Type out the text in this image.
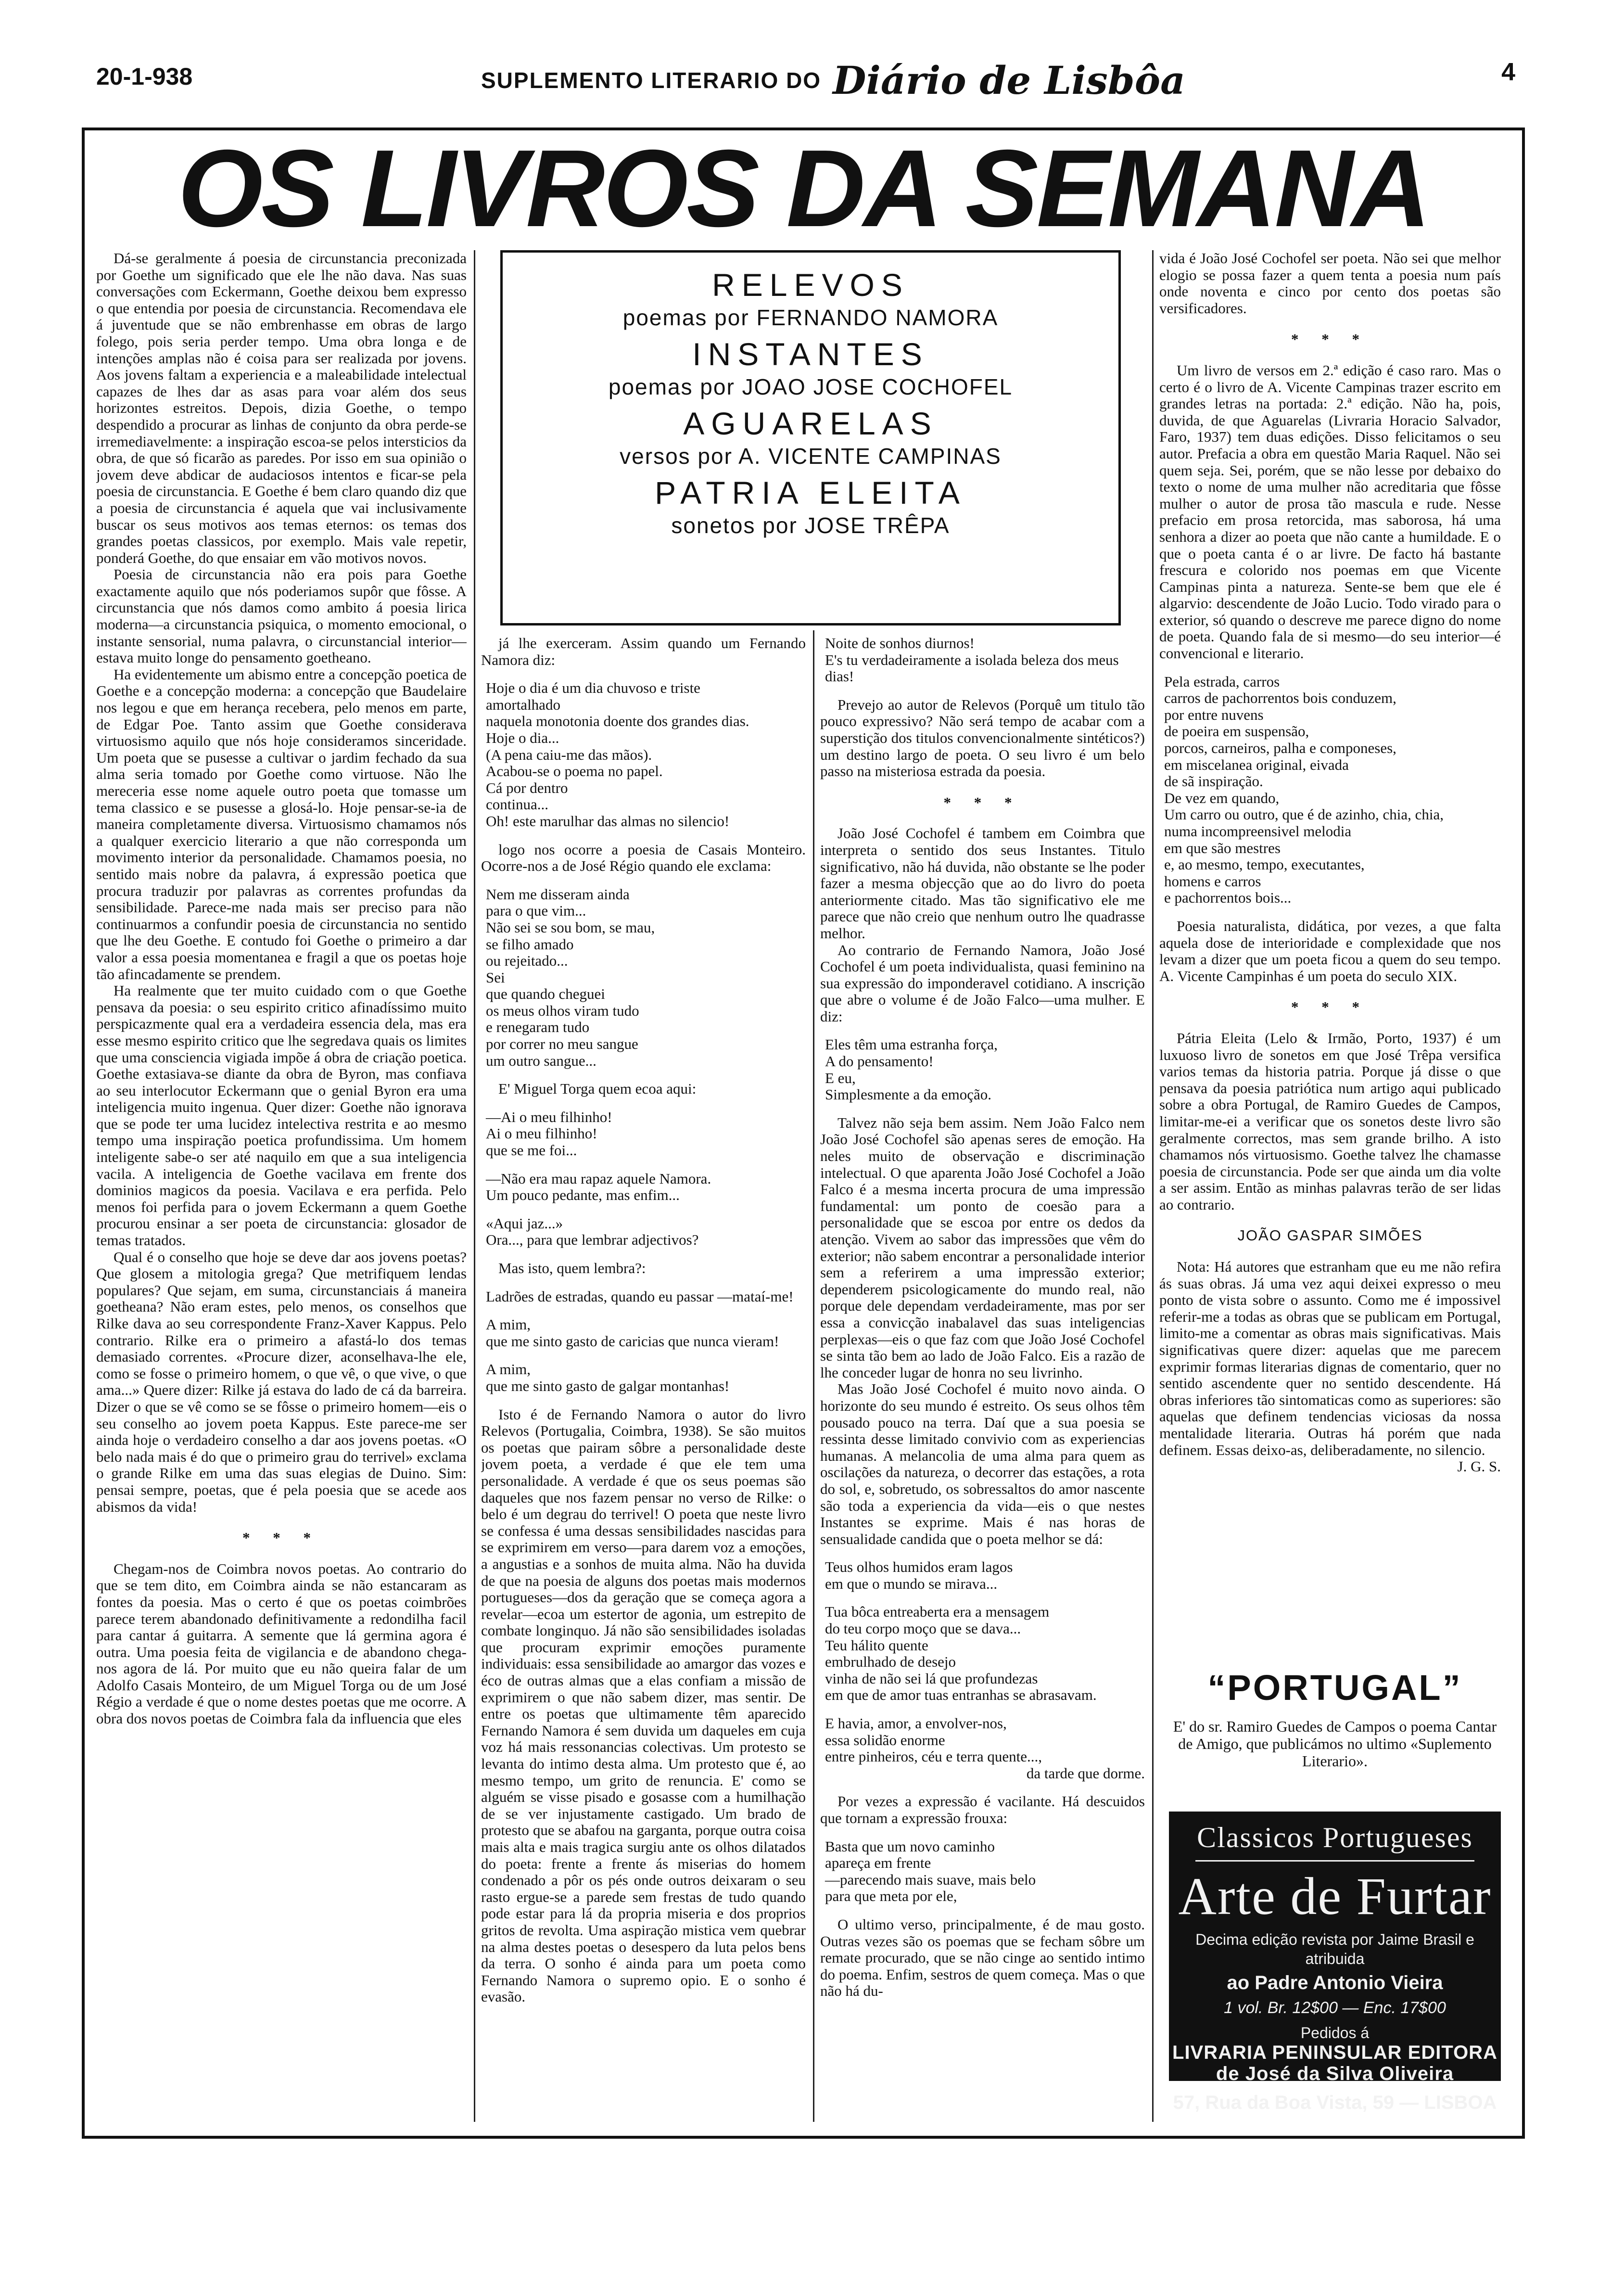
20-1-938	SUPLEMENTO LITERARIO DO Diário de Lisbôa	4
OS LIVROS DA SEMANA
RELEVOS
poemas por FERNANDO NAMORA
INSTANTES
poemas por JOAO JOSE COCHOFEL
AGUARELAS
versos por A. VICENTE CAMPINAS
PATRIA ELEITA
sonetos por JOSE TRÊPA

Dá-se geralmente á poesia de circunstancia preconizada por Goethe um significado que ele lhe não dava. Nas suas conversações com Eckermann, Goethe deixou bem expresso o que entendia por poesia de circunstancia. Recomendava ele á juventude que se não embrenhasse em obras de largo folego, pois seria perder tempo. Uma obra longa e de intenções amplas não é coisa para ser realizada por jovens. Aos jovens faltam a experiencia e a maleabilidade intelectual capazes de lhes dar as asas para voar além dos seus horizontes estreitos. Depois, dizia Goethe, o tempo despendido a procurar as linhas de conjunto da obra perde-se irremediavelmente: a inspiração escoa-se pelos intersticios da obra, de que só ficarão as paredes. Por isso em sua opinião o jovem deve abdicar de audaciosos intentos e ficar-se pela poesia de circunstancia. E Goethe é bem claro quando diz que a poesia de circunstancia é aquela que vai inclusivamente buscar os seus motivos aos temas eternos: os temas dos grandes poetas classicos, por exemplo. Mais vale repetir, ponderá Goethe, do que ensaiar em vão motivos novos.

Poesia de circunstancia não era pois para Goethe exactamente aquilo que nós poderiamos supôr que fôsse. A circunstancia que nós damos como ambito á poesia lirica moderna—a circunstancia psiquica, o momento emocional, o instante sensorial, numa palavra, o circunstancial interior—estava muito longe do pensamento goetheano.

Ha evidentemente um abismo entre a concepção poetica de Goethe e a concepção moderna: a concepção que Baudelaire nos legou e que em herança recebera, pelo menos em parte, de Edgar Poe. Tanto assim que Goethe considerava virtuosismo aquilo que nós hoje consideramos sinceridade. Um poeta que se pusesse a cultivar o jardim fechado da sua alma seria tomado por Goethe como virtuose. Não lhe mereceria esse nome aquele outro poeta que tomasse um tema classico e se pusesse a glosá-lo. Hoje pensar-se-ia de maneira completamente diversa. Virtuosismo chamamos nós a qualquer exercicio literario a que não corresponda um movimento interior da personalidade. Chamamos poesia, no sentido mais nobre da palavra, á expressão poetica que procura traduzir por palavras as correntes profundas da sensibilidade. Parece-me nada mais ser preciso para não continuarmos a confundir poesia de circunstancia no sentido que lhe deu Goethe. E contudo foi Goethe o primeiro a dar valor a essa poesia momentanea e fragil a que os poetas hoje tão afincadamente se prendem.

Ha realmente que ter muito cuidado com o que Goethe pensava da poesia: o seu espirito critico afinadíssimo muito perspicazmente qual era a verdadeira essencia dela, mas era esse mesmo espirito critico que lhe segredava quais os limites que uma consciencia vigiada impõe á obra de criação poetica. Goethe extasiava-se diante da obra de Byron, mas confiava ao seu interlocutor Eckermann que o genial Byron era uma inteligencia muito ingenua. Quer dizer: Goethe não ignorava que se pode ter uma lucidez intelectiva restrita e ao mesmo tempo uma inspiração poetica profundissima. Um homem inteligente sabe-o ser até naquilo em que a sua inteligencia vacila. A inteligencia de Goethe vacilava em frente dos dominios magicos da poesia. Vacilava e era perfida. Pelo menos foi perfida para o jovem Eckermann a quem Goethe procurou ensinar a ser poeta de circunstancia: glosador de temas tratados.

Qual é o conselho que hoje se deve dar aos jovens poetas? Que glosem a mitologia grega? Que metrifiquem lendas populares? Que sejam, em suma, circunstanciais á maneira goetheana? Não eram estes, pelo menos, os conselhos que Rilke dava ao seu correspondente Franz-Xaver Kappus. Pelo contrario. Rilke era o primeiro a afastá-lo dos temas demasiado correntes. «Procure dizer, aconselhava-lhe ele, como se fosse o primeiro homem, o que vê, o que vive, o que ama...» Quere dizer: Rilke já estava do lado de cá da barreira. Dizer o que se vê como se se fôsse o primeiro homem—eis o seu conselho ao jovem poeta Kappus. Este parece-me ser ainda hoje o verdadeiro conselho a dar aos jovens poetas. «O belo nada mais é do que o primeiro grau do terrivel» exclama o grande Rilke em uma das suas elegias de Duino. Sim: pensai sempre, poetas, que é pela poesia que se acede aos abismos da vida!

* * *

Chegam-nos de Coimbra novos poetas. Ao contrario do que se tem dito, em Coimbra ainda se não estancaram as fontes da poesia. Mas o certo é que os poetas coimbrões parece terem abandonado definitivamente a redondilha facil para cantar á guitarra. A semente que lá germina agora é outra. Uma poesia feita de vigilancia e de abandono chega-nos agora de lá. Por muito que eu não queira falar de um Adolfo Casais Monteiro, de um Miguel Torga ou de um José Régio a verdade é que o nome destes poetas que me ocorre. A obra dos novos poetas de Coimbra fala da influencia que eles

já lhe exerceram. Assim quando um Fernando Namora diz:

Hoje o dia é um dia chuvoso e triste

amortalhado

naquela monotonia doente dos grandes dias.

Hoje o dia...

(A pena caiu-me das mãos).

Acabou-se o poema no papel.

Cá por dentro

continua...

Oh! este marulhar das almas no silencio!

logo nos ocorre a poesia de Casais Monteiro. Ocorre-nos a de José Régio quando ele exclama:

Nem me disseram ainda

para o que vim...

Não sei se sou bom, se mau,

se filho amado

ou rejeitado...

Sei

que quando cheguei

os meus olhos viram tudo

e renegaram tudo

por correr no meu sangue

um outro sangue...

E' Miguel Torga quem ecoa aqui:

—Ai o meu filhinho!

Ai o meu filhinho!

que se me foi...

—Não era mau rapaz aquele Namora.

Um pouco pedante, mas enfim...

«Aqui jaz...»

Ora..., para que lembrar adjectivos?

Mas isto, quem lembra?:

Ladrões de estradas, quando eu passar —mataí-me!

A mim,

que me sinto gasto de caricias que nunca vieram!

A mim,

que me sinto gasto de galgar montanhas!

Isto é de Fernando Namora o autor do livro Relevos (Portugalia, Coimbra, 1938). Se são muitos os poetas que pairam sôbre a personalidade deste jovem poeta, a verdade é que ele tem uma personalidade. A verdade é que os seus poemas são daqueles que nos fazem pensar no verso de Rilke: o belo é um degrau do terrivel! O poeta que neste livro se confessa é uma dessas sensibilidades nascidas para se exprimirem em verso—para darem voz a emoções, a angustias e a sonhos de muita alma. Não ha duvida de que na poesia de alguns dos poetas mais modernos portugueses—dos da geração que se começa agora a revelar—ecoa um estertor de agonia, um estrepito de combate longinquo. Já não são sensibilidades isoladas que procuram exprimir emoções puramente individuais: essa sensibilidade ao amargor das vozes e éco de outras almas que a elas confiam a missão de exprimirem o que não sabem dizer, mas sentir. De entre os poetas que ultimamente têm aparecido Fernando Namora é sem duvida um daqueles em cuja voz há mais ressonancias colectivas. Um protesto se levanta do intimo desta alma. Um protesto que é, ao mesmo tempo, um grito de renuncia. E' como se alguém se visse pisado e gosasse com a humilhação de se ver injustamente castigado. Um brado de protesto que se abafou na garganta, porque outra coisa mais alta e mais tragica surgiu ante os olhos dilatados do poeta: frente a frente ás miserias do homem condenado a pôr os pés onde outros deixaram o seu rasto ergue-se a parede sem frestas de tudo quando pode estar para lá da propria miseria e dos proprios gritos de revolta. Uma aspiração mistica vem quebrar na alma destes poetas o desespero da luta pelos bens da terra. O sonho é ainda para um poeta como Fernando Namora o supremo opio. E o sonho é evasão.

Noite de sonhos diurnos!

E's tu verdadeiramente a isolada beleza dos meus dias!

Prevejo ao autor de Relevos (Porquê um titulo tão pouco expressivo? Não será tempo de acabar com a superstição dos titulos convencionalmente sintéticos?) um destino largo de poeta. O seu livro é um belo passo na misteriosa estrada da poesia.

* * *

João José Cochofel é tambem em Coimbra que interpreta o sentido dos seus Instantes. Titulo significativo, não há duvida, não obstante se lhe poder fazer a mesma objecção que ao do livro do poeta anteriormente citado. Mas tão significativo ele me parece que não creio que nenhum outro lhe quadrasse melhor.

Ao contrario de Fernando Namora, João José Cochofel é um poeta individualista, quasi feminino na sua expressão do imponderavel cotidiano. A inscrição que abre o volume é de João Falco—uma mulher. E diz:

Eles têm uma estranha força,

A do pensamento!

E eu,

Simplesmente a da emoção.

Talvez não seja bem assim. Nem João Falco nem João José Cochofel são apenas seres de emoção. Ha neles muito de observação e discriminação intelectual. O que aparenta João José Cochofel a João Falco é a mesma incerta procura de uma impressão fundamental: um ponto de coesão para a personalidade que se escoa por entre os dedos da atenção. Vivem ao sabor das impressões que vêm do exterior; não sabem encontrar a personalidade interior sem a referirem a uma impressão exterior; dependerem psicologicamente do mundo real, não porque dele dependam verdadeiramente, mas por ser essa a convicção inabalavel das suas inteligencias perplexas—eis o que faz com que João José Cochofel se sinta tão bem ao lado de João Falco. Eis a razão de lhe conceder lugar de honra no seu livrinho.

Mas João José Cochofel é muito novo ainda. O horizonte do seu mundo é estreito. Os seus olhos têm pousado pouco na terra. Daí que a sua poesia se ressinta desse limitado convivio com as experiencias humanas. A melancolia de uma alma para quem as oscilações da natureza, o decorrer das estações, a rota do sol, e, sobretudo, os sobressaltos do amor nascente são toda a experiencia da vida—eis o que nestes Instantes se exprime. Mais é nas horas de sensualidade candida que o poeta melhor se dá:

Teus olhos humidos eram lagos

em que o mundo se mirava...

Tua bôca entreaberta era a mensagem

do teu corpo moço que se dava...

Teu hálito quente

embrulhado de desejo

vinha de não sei lá que profundezas

em que de amor tuas entranhas se abrasavam.

E havia, amor, a envolver-nos,

essa solidão enorme

entre pinheiros, céu e terra quente...,

da tarde que dorme.

Por vezes a expressão é vacilante. Há descuidos que tornam a expressão frouxa:

Basta que um novo caminho

apareça em frente

—parecendo mais suave, mais belo

para que meta por ele,

O ultimo verso, principalmente, é de mau gosto. Outras vezes são os poemas que se fecham sôbre um remate procurado, que se não cinge ao sentido intimo do poema. Enfim, sestros de quem começa. Mas o que não há du-

vida é João José Cochofel ser poeta. Não sei que melhor elogio se possa fazer a quem tenta a poesia num país onde noventa e cinco por cento dos poetas são versificadores.

* * *

Um livro de versos em 2.ª edição é caso raro. Mas o certo é o livro de A. Vicente Campinas trazer escrito em grandes letras na portada: 2.ª edição. Não ha, pois, duvida, de que Aguarelas (Livraria Horacio Salvador, Faro, 1937) tem duas edições. Disso felicitamos o seu autor. Prefacia a obra em questão Maria Raquel. Não sei quem seja. Sei, porém, que se não lesse por debaixo do texto o nome de uma mulher não acreditaria que fôsse mulher o autor de prosa tão mascula e rude. Nesse prefacio em prosa retorcida, mas saborosa, há uma senhora a dizer ao poeta que não cante a humildade. E o que o poeta canta é o ar livre. De facto há bastante frescura e colorido nos poemas em que Vicente Campinas pinta a natureza. Sente-se bem que ele é algarvio: descendente de João Lucio. Todo virado para o exterior, só quando o descreve me parece digno do nome de poeta. Quando fala de si mesmo—do seu interior—é convencional e literario.

Pela estrada, carros

carros de pachorrentos bois conduzem,

por entre nuvens

de poeira em suspensão,

porcos, carneiros, palha e componeses,

em miscelanea original, eivada

de sã inspiração.

De vez em quando,

Um carro ou outro, que é de azinho, chia, chia,

numa incompreensivel melodia

em que são mestres

e, ao mesmo, tempo, executantes,

homens e carros

e pachorrentos bois...

Poesia naturalista, didática, por vezes, a que falta aquela dose de interioridade e complexidade que nos levam a dizer que um poeta ficou a quem do seu tempo. A. Vicente Campinhas é um poeta do seculo XIX.

* * *

Pátria Eleita (Lelo & Irmão, Porto, 1937) é um luxuoso livro de sonetos em que José Trêpa versifica varios temas da historia patria. Porque já disse o que pensava da poesia patriótica num artigo aqui publicado sobre a obra Portugal, de Ramiro Guedes de Campos, limitar-me-ei a verificar que os sonetos deste livro são geralmente correctos, mas sem grande brilho. A isto chamamos nós virtuosismo. Goethe talvez lhe chamasse poesia de circunstancia. Pode ser que ainda um dia volte a ser assim. Então as minhas palavras terão de ser lidas ao contrario.

JOÃO GASPAR SIMÕES

Nota: Há autores que estranham que eu me não refira ás suas obras. Já uma vez aqui deixei expresso o meu ponto de vista sobre o assunto. Como me é impossivel referir-me a todas as obras que se publicam em Portugal, limito-me a comentar as obras mais significativas. Mais significativas quere dizer: aquelas que me parecem exprimir formas literarias dignas de comentario, quer no sentido ascendente quer no sentido descendente. Há obras inferiores tão sintomaticas como as superiores: são aquelas que definem tendencias viciosas da nossa mentalidade literaria. Outras há porém que nada definem. Essas deixo-as, deliberadamente, no silencio.

J. G. S.

“PORTUGAL”
E' do sr. Ramiro Guedes de Campos o poema Cantar de Amigo, que publicámos no ultimo «Suplemento Literario».
Classicos Portugueses
Arte de Furtar
Decima edição revista por Jaime Brasil e atribuida
ao Padre Antonio Vieira
1 vol. Br. 12$00 — Enc. 17$00
Pedidos á
LIVRARIA PENINSULAR EDITORA
de José da Silva Oliveira
57, Rua da Boa Vista, 59 — LISBOA
